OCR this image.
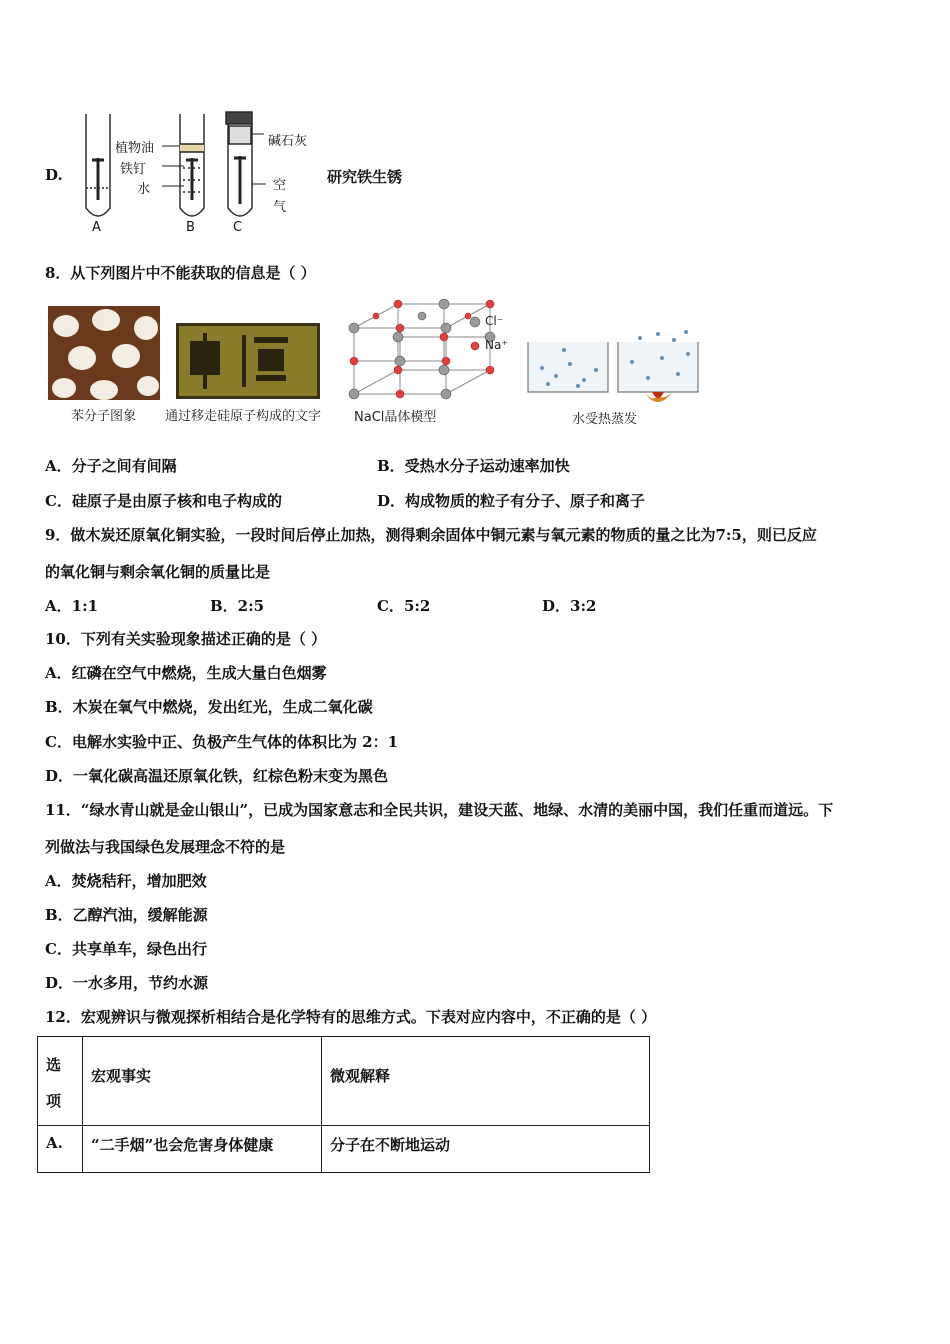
D.
植物油
铁钉
水
碱石灰
空
气
A	B	C
研究铁生锈
8．从下列图片中不能获取的信息是（ ）
Cl⁻
Na⁺
苯分子图象 通过移走硅原子构成的文字	NaCl晶体模型	水受热蒸发
A．分子之间有间隔	B．受热水分子运动速率加快
C．硅原子是由原子核和电子构成的	D．构成物质的粒子有分子、原子和离子
9．做木炭还原氧化铜实验，一段时间后停止加热，测得剩余固体中铜元素与氧元素的物质的量之比为7:5，则已反应
的氧化铜与剩余氧化铜的质量比是
A．1:1	B．2:5	C．5:2	D．3:2
10．下列有关实验现象描述正确的是（ ）
A．红磷在空气中燃烧，生成大量白色烟雾
B．木炭在氧气中燃烧，发出红光，生成二氧化碳
C．电解水实验中正、负极产生气体的体积比为 2：1
D．一氧化碳高温还原氧化铁，红棕色粉末变为黑色
11．“绿水青山就是金山银山”，已成为国家意志和全民共识，建设天蓝、地绿、水清的美丽中国，我们任重而道远。下
列做法与我国绿色发展理念不符的是
A．焚烧秸秆，增加肥效
B．乙醇汽油，缓解能源
C．共享单车，绿色出行
D．一水多用，节约水源
12．宏观辨识与微观探析相结合是化学特有的思维方式。下表对应内容中，不正确的是（ ）
选
项	宏观事实	微观解释
A.	“二手烟”也会危害身体健康	分子在不断地运动
